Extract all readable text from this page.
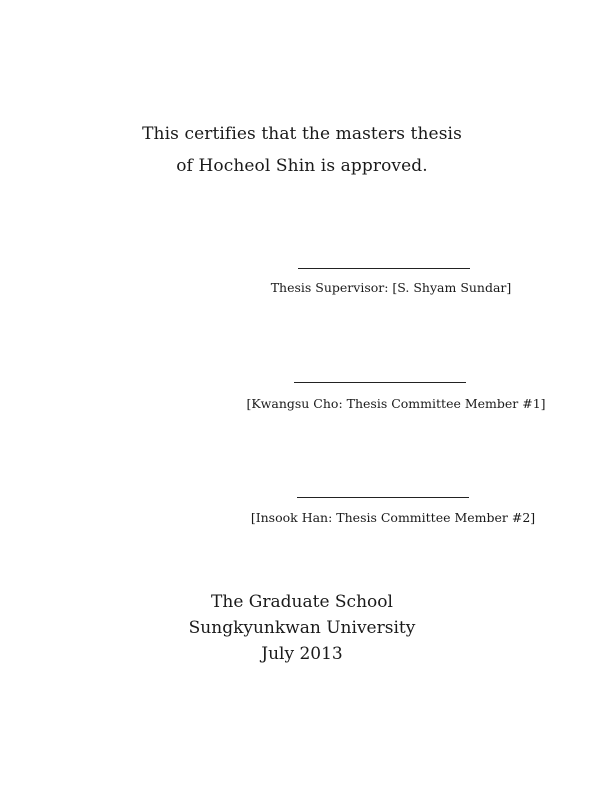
This certifies that the masters thesis
of Hocheol Shin is approved.
Thesis Supervisor: [S. Shyam Sundar]
[Kwangsu Cho: Thesis Committee Member #1]
[Insook Han: Thesis Committee Member #2]
The Graduate School
Sungkyunkwan University
July 2013
